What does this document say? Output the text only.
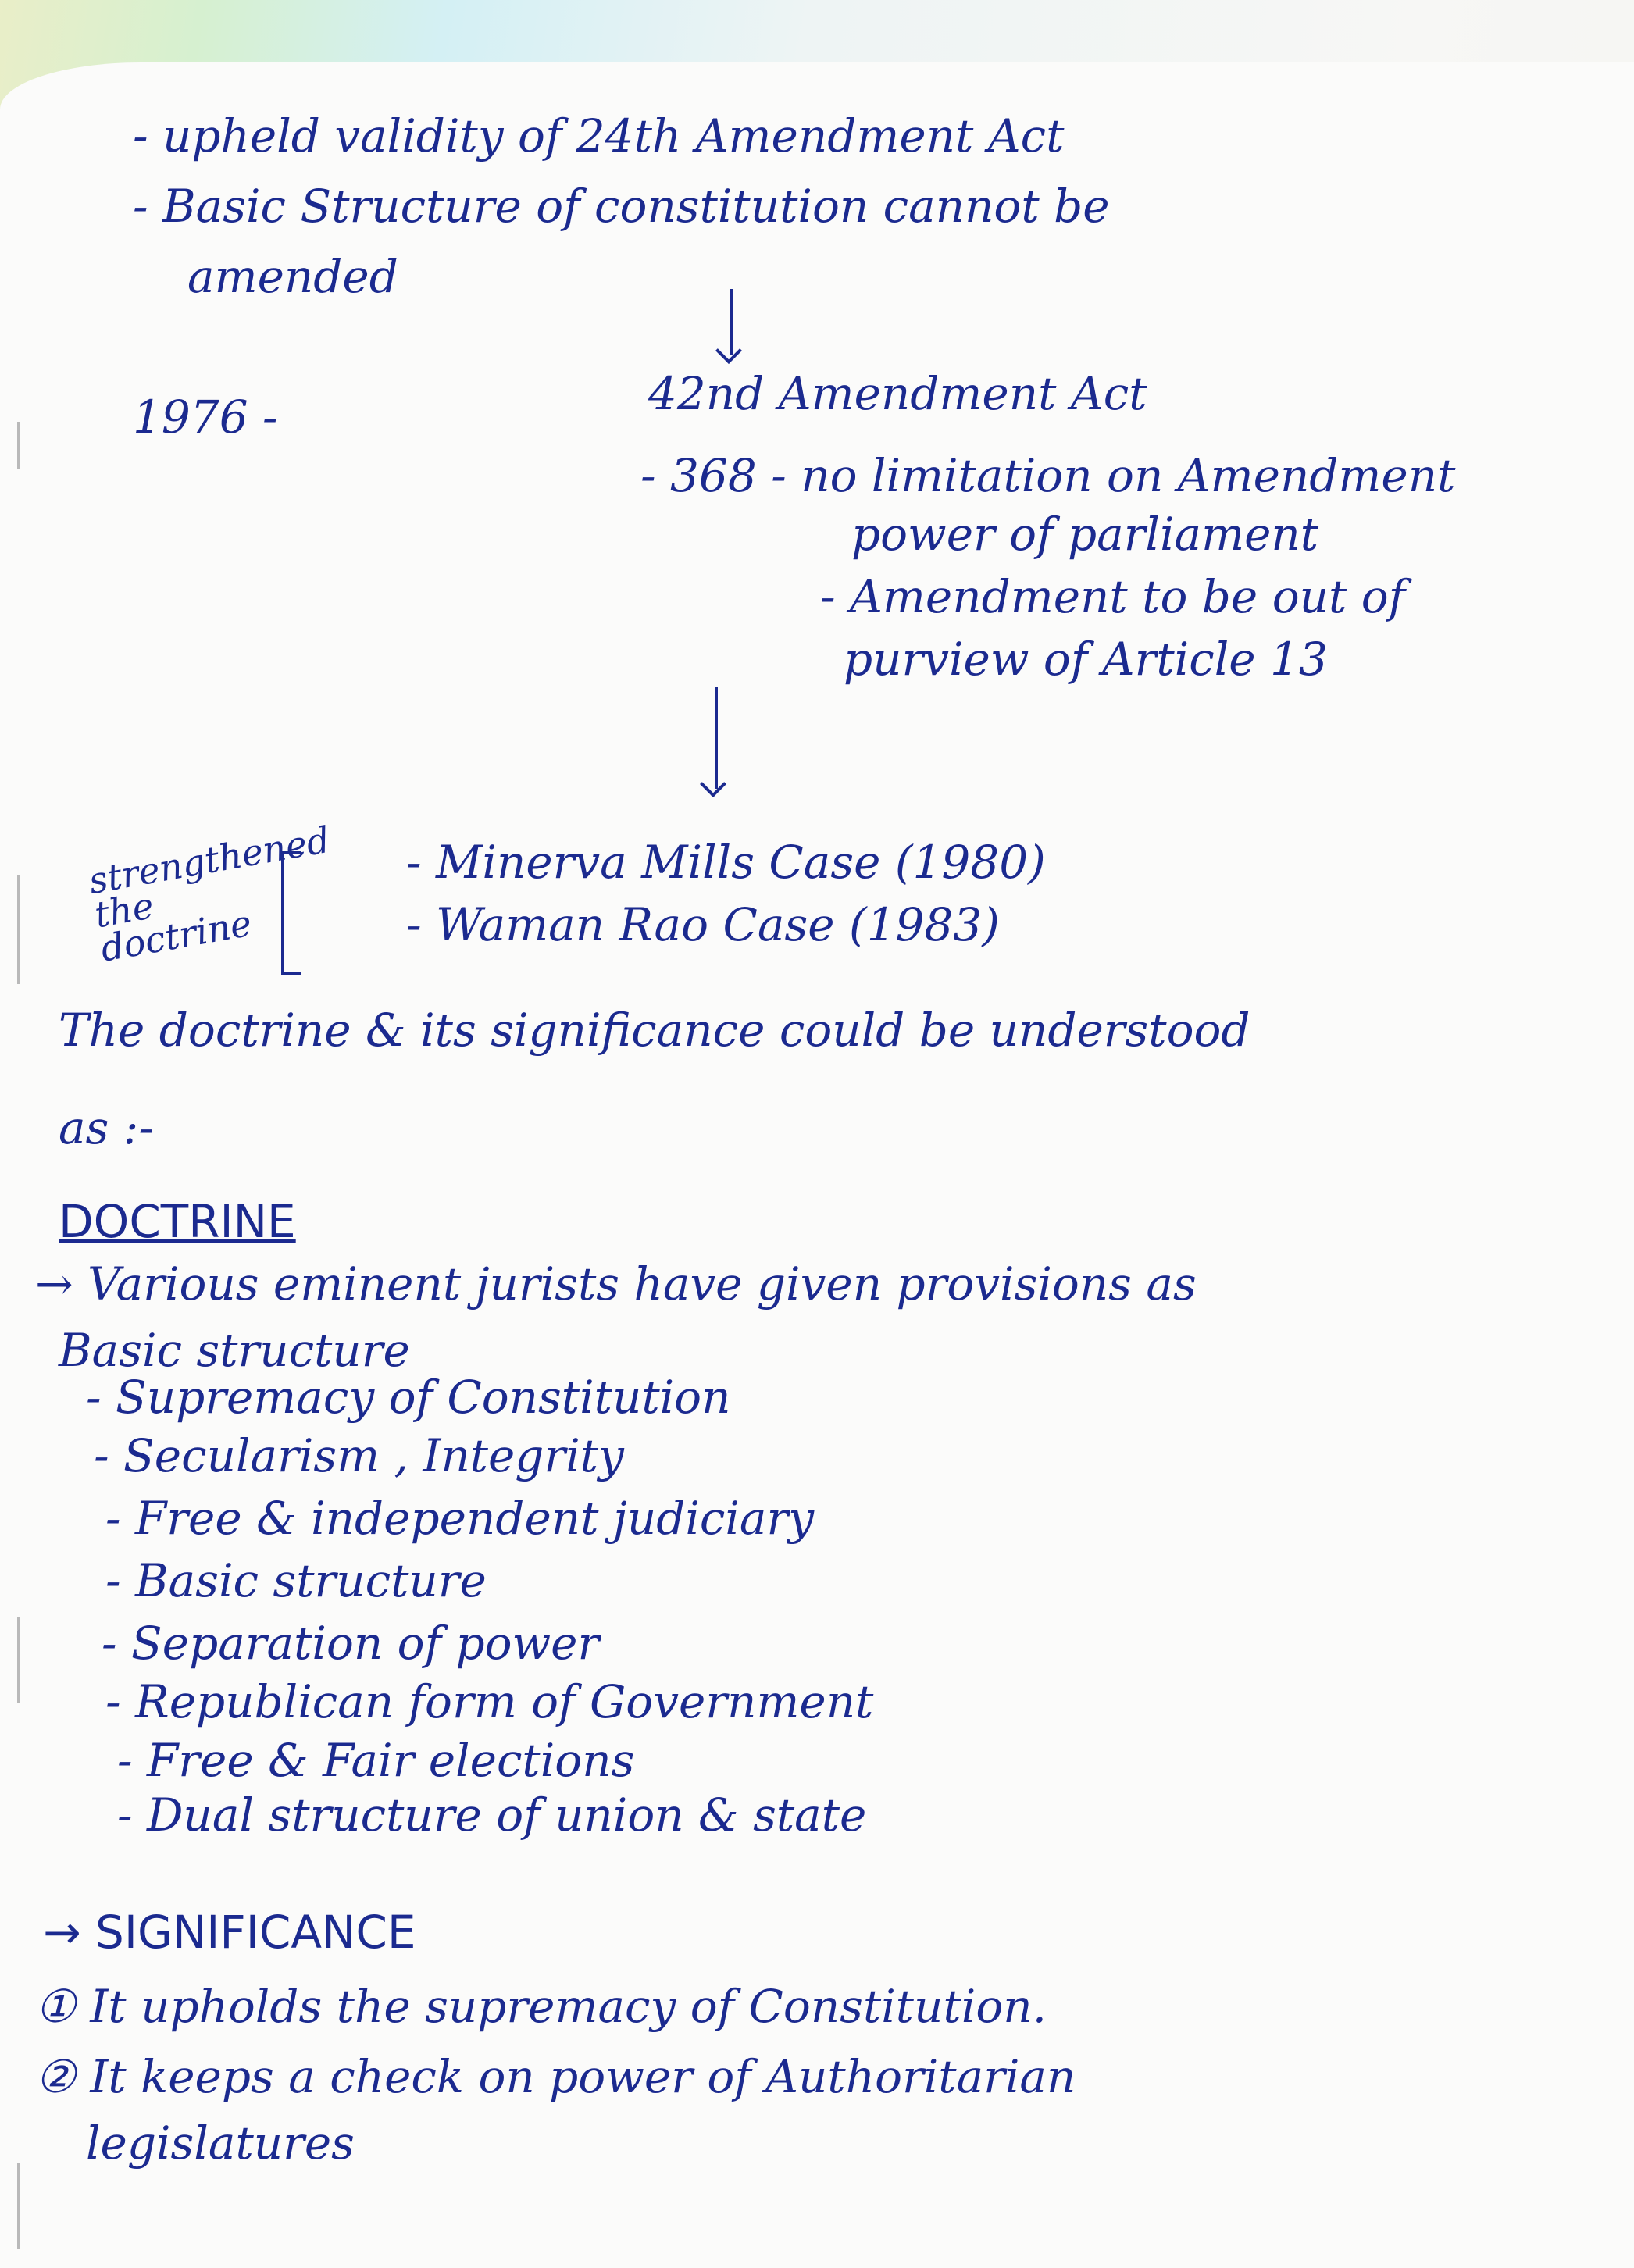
- upheld validity of 24th Amendment Act
- Basic Structure of constitution cannot be
amended
1976 -	42nd Amendment Act
- 368 - no limitation on Amendment
power of parliament
- Amendment to be out of
purview of Article 13
strengthened the doctrine
- Minerva Mills Case (1980)
- Waman Rao Case (1983)
The doctrine & its significance could be understood
as :-
DOCTRINE
→ Various eminent jurists have given provisions as
Basic structure
- Supremacy of Constitution
- Secularism , Integrity
- Free & independent judiciary
- Basic structure
- Separation of power
- Republican form of Government
- Free & Fair elections
- Dual structure of union & state
→ SIGNIFICANCE
① It upholds the supremacy of Constitution.
② It keeps a check on power of Authoritarian
legislatures
